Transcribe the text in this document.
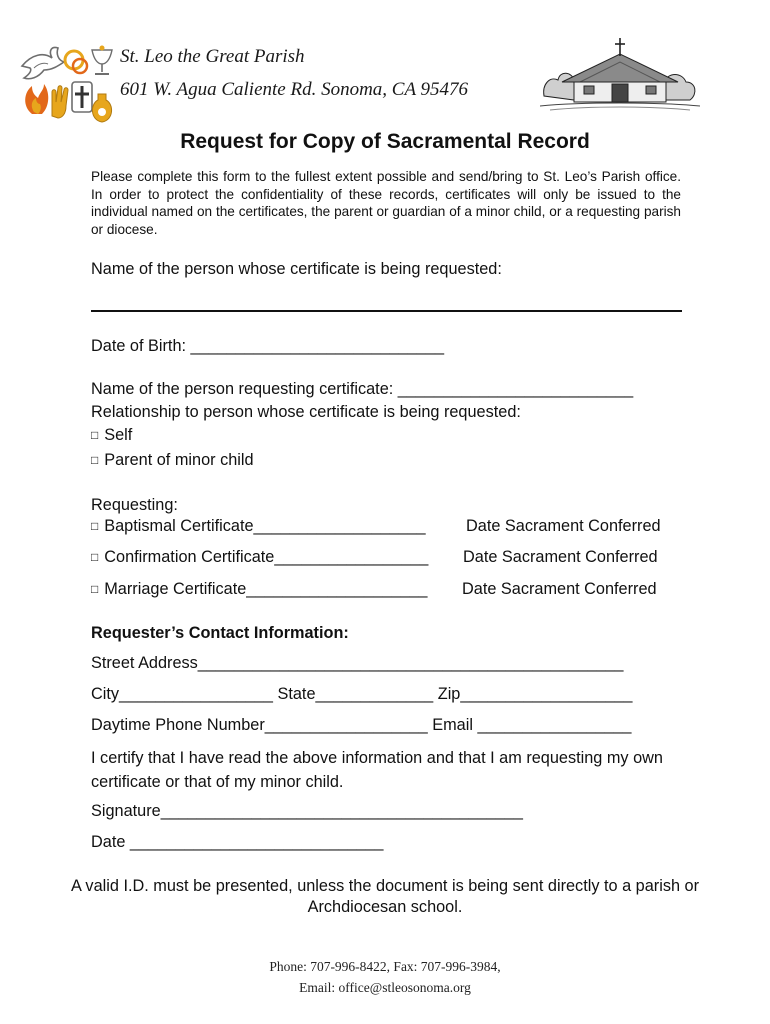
St. Leo the Great Parish
601 W. Agua Caliente Rd. Sonoma, CA 95476
Request for Copy of Sacramental Record
Please complete this form to the fullest extent possible and send/bring to St. Leo’s Parish office. In order to protect the confidentiality of these records, certificates will only be issued to the individual named on the certificates, the parent or guardian of a minor child, or a requesting parish or diocese.
Name of the person whose certificate is being requested:
Date of Birth: ____________________________
Name of the person requesting certificate: __________________________
Relationship to person whose certificate is being requested:
□ Self
□ Parent of minor child
Requesting:
□ Baptismal Certificate___________________ Date Sacrament Conferred
□ Confirmation Certificate_________________ Date Sacrament Conferred
□ Marriage Certificate____________________ Date Sacrament Conferred
Requester’s Contact Information:
Street Address_______________________________________________
City_________________ State_____________ Zip___________________
Daytime Phone Number__________________ Email _________________
I certify that I have read the above information and that I am requesting my own certificate or that of my minor child.
Signature________________________________________
Date ____________________________
A valid I.D. must be presented, unless the document is being sent directly to a parish or Archdiocesan school.
Phone: 707-996-8422, Fax: 707-996-3984,
Email: office@stleosonoma.org
